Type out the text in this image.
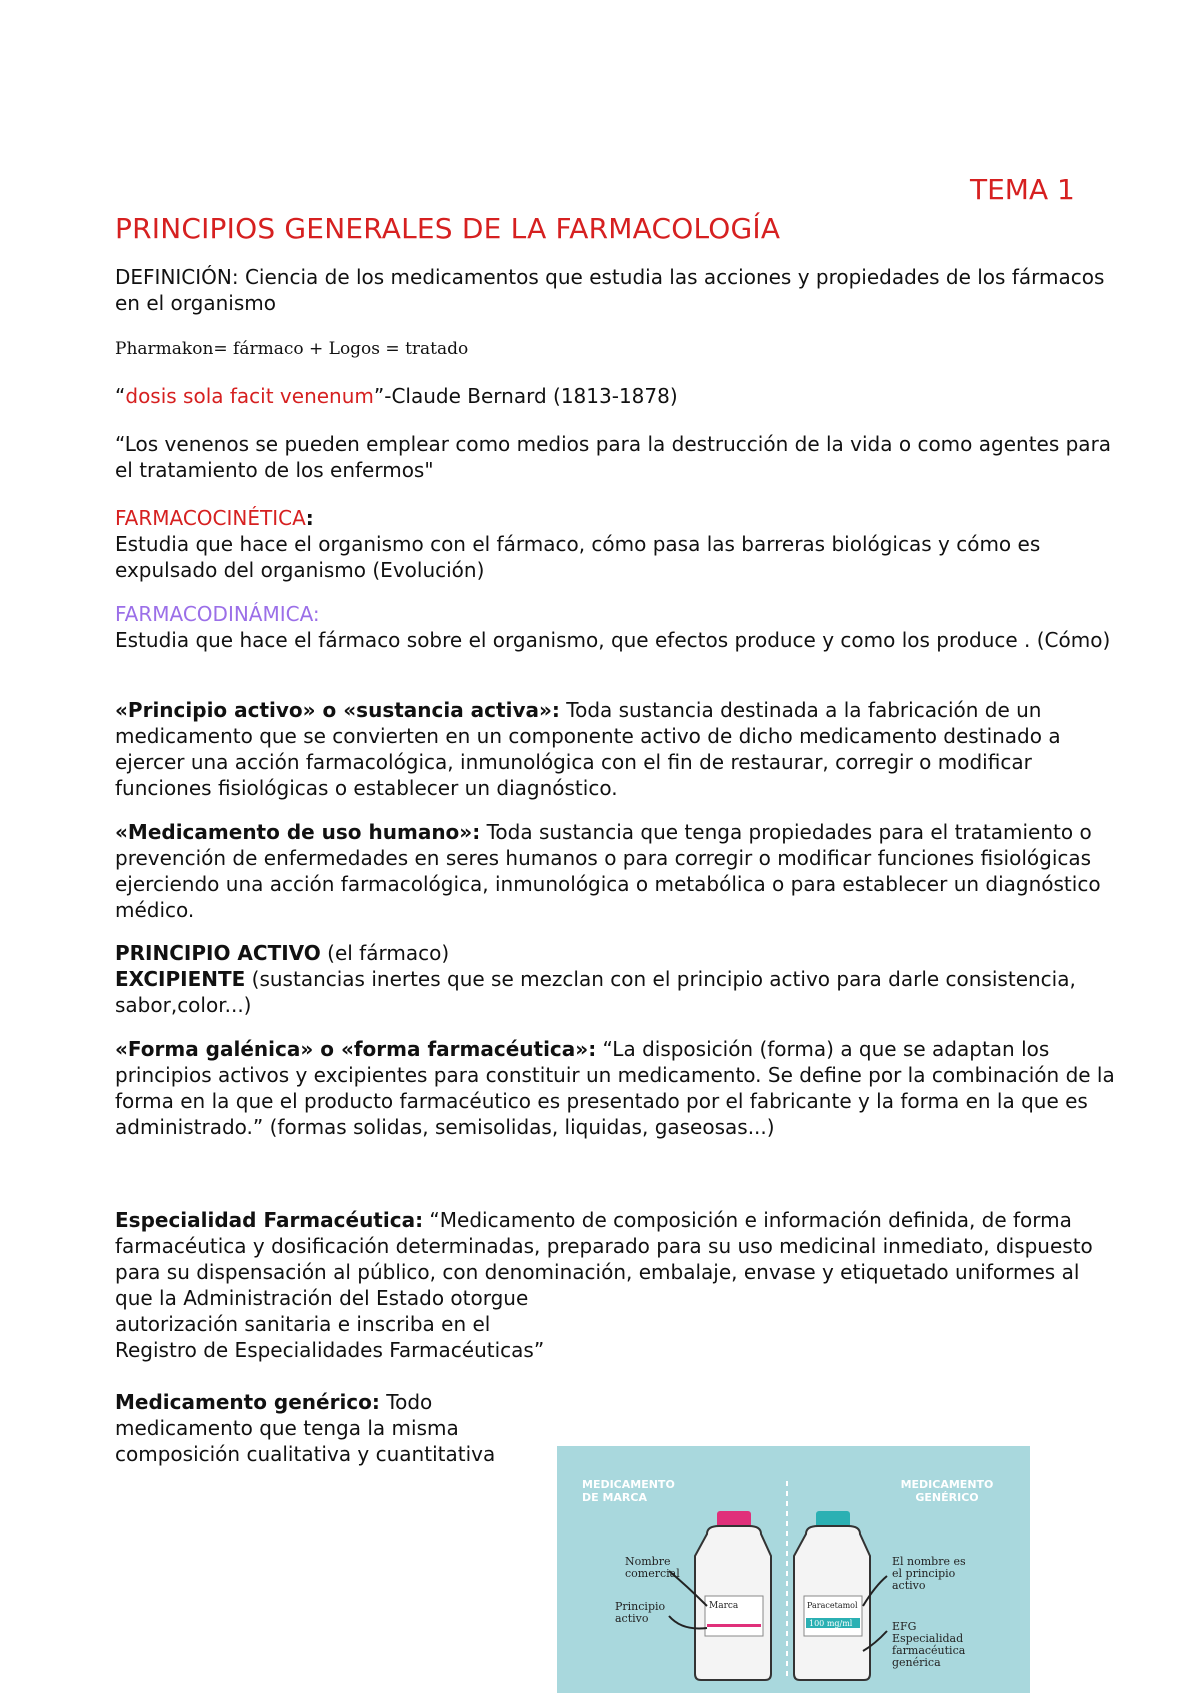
TEMA 1
PRINCIPIOS GENERALES DE LA FARMACOLOGÍA
DEFINICIÓN: Ciencia de los medicamentos que estudia las acciones y propiedades de los fármacos en el organismo
Pharmakon= fármaco + Logos = tratado
“dosis sola facit venenum”-Claude Bernard (1813-1878)
“Los venenos se pueden emplear como medios para la destrucción de la vida o como agentes para el tratamiento de los enfermos"
FARMACOCINÉTICA:
Estudia que hace el organismo con el fármaco, cómo pasa las barreras biológicas y cómo es expulsado del organismo (Evolución)
FARMACODINÁMICA:
Estudia que hace el fármaco sobre el organismo, que efectos produce y como los produce . (Cómo)
«Principio activo» o «sustancia activa»: Toda sustancia destinada a la fabricación de un medicamento que se convierten en un componente activo de dicho medicamento destinado a ejercer una acción farmacológica, inmunológica con el fin de restaurar, corregir o modificar funciones fisiológicas o establecer un diagnóstico.
«Medicamento de uso humano»: Toda sustancia que tenga propiedades para el tratamiento o prevención de enfermedades en seres humanos o para corregir o modificar funciones fisiológicas ejerciendo una acción farmacológica, inmunológica o metabólica o para establecer un diagnóstico médico.
PRINCIPIO ACTIVO (el fármaco)
EXCIPIENTE (sustancias inertes que se mezclan con el principio activo para darle consistencia, sabor,color...)
«Forma galénica» o «forma farmacéutica»: “La disposición (forma) a que se adaptan los principios activos y excipientes para constituir un medicamento. Se define por la combinación de la forma en la que el producto farmacéutico es presentado por el fabricante y la forma en la que es administrado.” (formas solidas, semisolidas, liquidas, gaseosas...)
Especialidad Farmacéutica: “Medicamento de composición e información definida, de forma farmacéutica y dosificación determinadas, preparado para su uso medicinal inmediato, dispuesto para su dispensación al público, con denominación, embalaje, envase y etiquetado uniformes al que la Administración del Estado otorgue
autorización sanitaria e inscriba en el Registro de Especialidades Farmacéuticas”
Medicamento genérico: Todo medicamento que tenga la misma composición cualitativa y cuantitativa
MEDICAMENTO DE MARCA
MEDICAMENTO GENÉRICO
Nombre comercial
Principio activo
El nombre es el principio activo
EFG Especialidad farmacéutica genérica
Marca	Paracetamol
100 mg/ml
